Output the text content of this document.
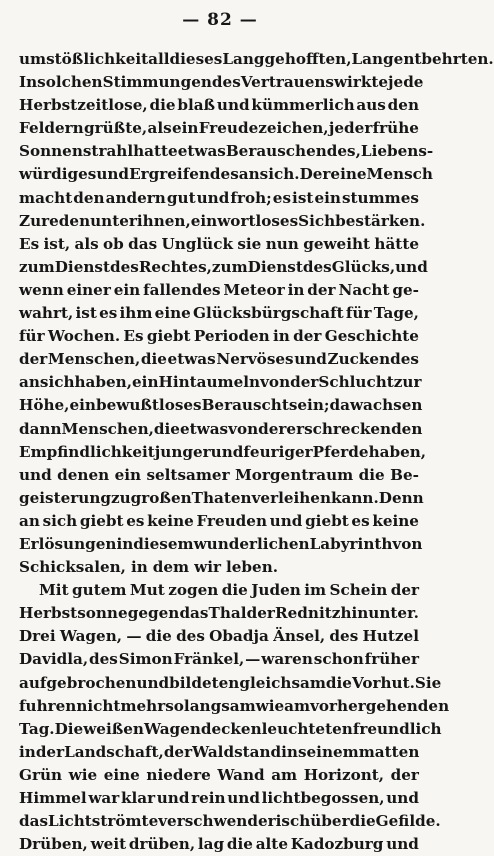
— 82 —
umstößlichkeit all dieses Langgehofften, Langentbehrten.
In solchen Stimmungen des Vertrauens wirkte jede
Herbstzeitlose, die blaß und kümmerlich aus den
Feldern grüßte, als ein Freudezeichen, jeder frühe
Sonnenstrahl hatte etwas Berauschendes, Liebens-
würdiges und Ergreifendes an sich. Der eine Mensch
macht den andern gut und froh; es ist ein stummes
Zureden unter ihnen, ein wortloses Sichbestärken.
Es ist, als ob das Unglück sie nun geweiht hätte
zum Dienst des Rechtes, zum Dienst des Glücks, und
wenn einer ein fallendes Meteor in der Nacht ge-
wahrt, ist es ihm eine Glücksbürgschaft für Tage,
für Wochen. Es giebt Perioden in der Geschichte
der Menschen, die etwas Nervöses und Zuckendes
an sich haben, ein Hintaumeln von der Schlucht zur
Höhe, ein bewußtloses Berauschtsein; da wachsen
dann Menschen, die etwas von der erschreckenden
Empfindlichkeit junger und feuriger Pferde haben,
und denen ein seltsamer Morgentraum die Be-
geisterung zu großen Thaten verleihen kann. Denn
an sich giebt es keine Freuden und giebt es keine
Erlösungen in diesem wunderlichen Labyrinth von
Schicksalen, in dem wir leben.
Mit gutem Mut zogen die Juden im Schein der
Herbstsonne gegen das Thal der Rednitz hinunter.
Drei Wagen, — die des Obadja Änsel, des Hutzel
Davidla, des Simon Fränkel, — waren schon früher
aufgebrochen und bildeten gleichsam die Vorhut. Sie
fuhren nicht mehr so langsam wie am vorhergehenden
Tag. Die weißen Wagendecken leuchteten freundlich
in der Landschaft, der Wald stand in seinem matten
Grün wie eine niedere Wand am Horizont, der
Himmel war klar und rein und lichtbegossen, und
das Licht strömte verschwenderisch über die Gefilde.
Drüben, weit drüben, lag die alte Kadozburg und
